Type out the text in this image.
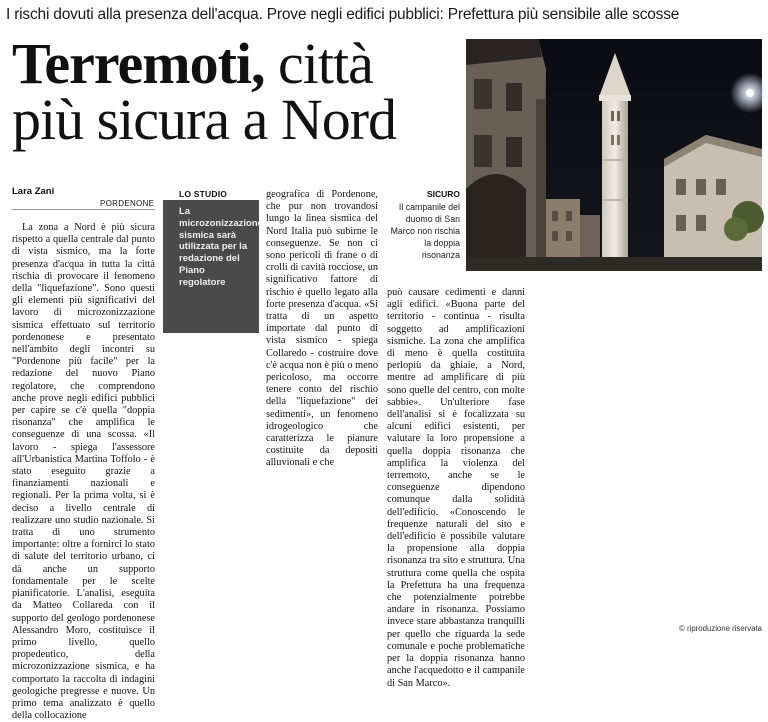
I rischi dovuti alla presenza dell'acqua. Prove negli edifici pubblici: Prefettura più sensibile alle scosse
Terremoti, città
più sicura a Nord
Lara Zani
PORDENONE

La zona a Nord è più sicura rispetto a quella centrale dal punto di vista sismico, ma la forte presenza d'acqua in tutta la città rischia di provocare il fenomeno della "liquefazione". Sono questi gli elementi più significativi del lavoro di microzonizzazione sismica effettuato sul territorio pordenonese e presentato nell'ambito degli incontri su "Pordenone più facile" per la redazione del nuovo Piano regolatore, che comprendono anche prove negli edifici pubblici per capire se c'è quella "doppia risonanza" che amplifica le conseguenze di una scossa. «Il lavoro - spiega l'assessore all'Urbanistica Martina Toffolo - è stato eseguito grazie a finanziamenti nazionali e regionali. Per la prima volta, si è deciso a livello centrale di realizzare uno studio nazionale. Si tratta di uno strumento importante: oltre a fornirci lo stato di salute del territorio urbano, ci dà anche un supporto fondamentale per le scelte pianificatorie. L'analisi, eseguita da Matteo Collareda con il supporto del geologo pordenonese Alessandro Moro, costituisce il primo livello, quello propedeutico, della microzonizzazione sismica, e ha comportato la raccolta di indagini geologiche pregresse e nuove. Un primo tema analizzato è quello della collocazione

LO STUDIO
La microzonizzazione sismica sarà utilizzata per la redazione del Piano regolatore
geografica di Pordenone, che pur non trovandosi lungo la linea sismica del Nord Italia può subirne le conseguenze. Se non ci sono pericoli di frane o di crolli di cavità rocciose, un significativo fattore di rischio è quello legato alla forte presenza d'acqua. «Si tratta di un aspetto importate dal punto di vista sismico - spiega Collaredo - costruire dove c'è acqua non è più o meno pericoloso, ma occorre tenere conto del rischio della "liquefazione" dei sedimenti», un fenomeno idrogeologico che caratterizza le pianure costituite da depositi alluvionali e che
SICURO
Il campanile del duomo di San Marco non rischia la doppia risonanza
può causare cedimenti e danni agli edifici. «Buona parte del territorio - continua - risulta soggetto ad amplificazioni sismiche. La zona che amplifica di meno è quella costituita perlopiù da ghiaie, a Nord, mentre ad amplificare di più sono quelle del centro, con molte sabbie». Un'ulteriore fase dell'analisi si è focalizzata su alcuni edifici esistenti, per valutare la loro propensione a quella doppia risonanza che amplifica la violenza del terremoto, anche se le conseguenze dipendono comunque dalla solidità dell'edificio. «Conoscendo le frequenze naturali del sito e dell'edificio è possibile valutare la propensione alla doppia risonanza tra sito e struttura. Una struttura come quella che ospita la Prefettura ha una frequenza che potenzialmente potrebbe andare in risonanza. Possiamo invece stare abbastanza tranquilli per quello che riguarda la sede comunale e poche problematiche per la doppia risonanza hanno anche l'acquedotto e il campanile di San Marco».
© riproduzione riservata
